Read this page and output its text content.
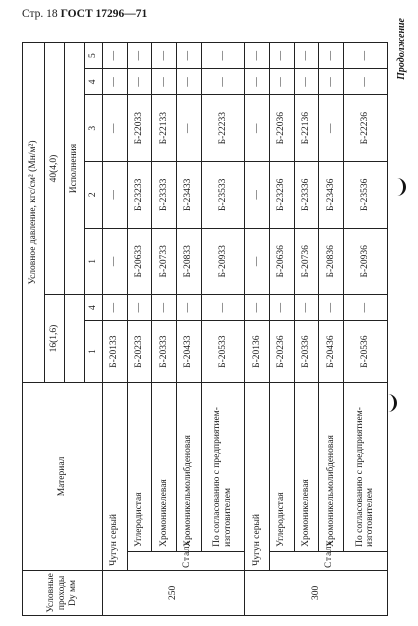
Стр. 18 ГОСТ 17296—71
Продолжение
Условные проходы Dу мм	Материал		Условное давление, кгс/см² (Мн/м²)						
			16(1,6)		40(4,0)				
					Исполнения				
			1	4	1	2	3	4	5
250	Чугун серый		Б-20133	—	—	—	—	—	—
	Сталь	Углеродистая	Б-20233	—	Б-20633	Б-23233	Б-22033	—	—
		Хромоникелевая	Б-20333	—	Б-20733	Б-23333	Б-22133	—	—
		Хромоникельмолибденовая	Б-20433	—	Б-20833	Б-23433	—	—	—
		По согласованию с предприятием-изготовителем	Б-20533	—	Б-20933	Б-23533	Б-22233	—	—
300	Чугун серый		Б-20136	—	—	—	—	—	—
	Сталь	Углеродистая	Б-20236	—	Б-20636	Б-23236	Б-22036	—	—
		Хромоникелевая	Б-20336	—	Б-20736	Б-23336	Б-22136	—	—
		Хромоникельмолибденовая	Б-20436	—	Б-20836	Б-23436	—	—	—
		По согласованию с предприятием-изготовителем	Б-20536	—	Б-20936	Б-23536	Б-22236	—	—
